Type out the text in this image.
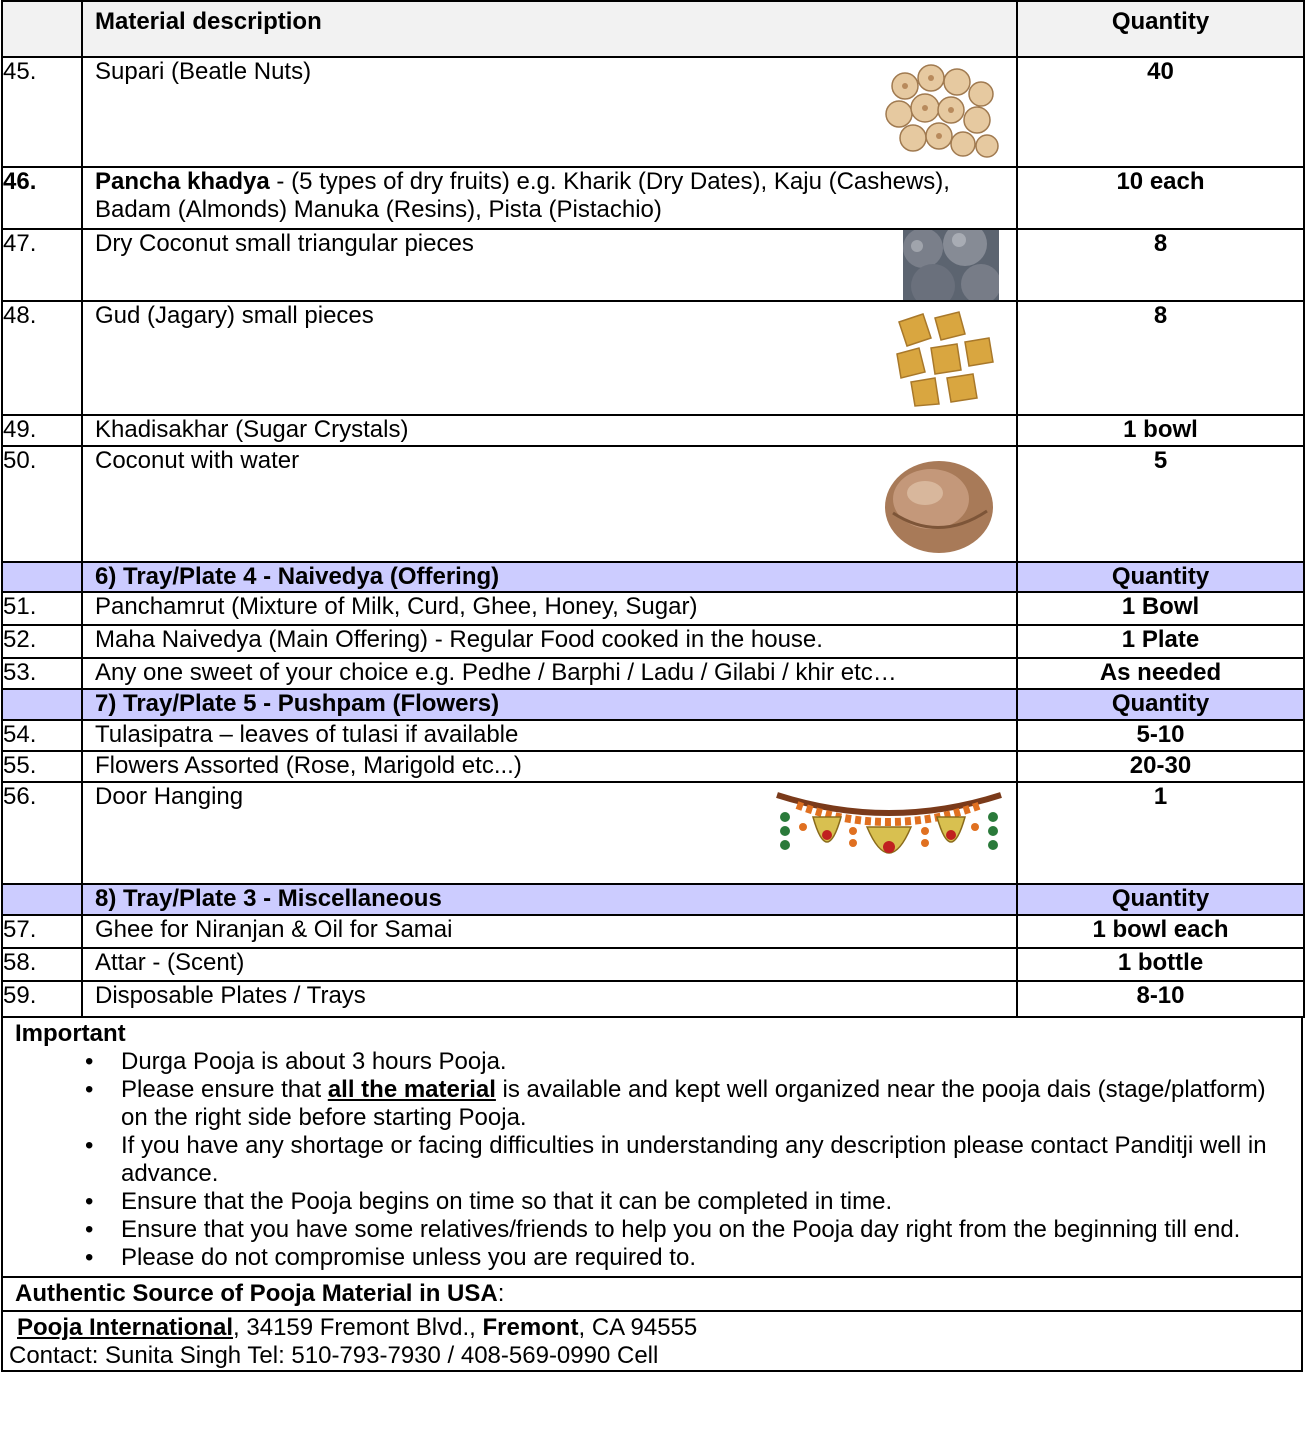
	Material description	Quantity
45.	Supari (Beatle Nuts)	40
46.	Pancha khadya - (5 types of dry fruits) e.g. Kharik (Dry Dates), Kaju (Cashews), Badam (Almonds) Manuka (Resins), Pista (Pistachio)	10 each
47.	Dry Coconut small triangular pieces	8
48.	Gud (Jagary) small pieces	8
49.	Khadisakhar (Sugar Crystals)	1 bowl
50.	Coconut with water	5
	6) Tray/Plate 4 - Naivedya (Offering)	Quantity
51.	Panchamrut (Mixture of Milk, Curd, Ghee, Honey, Sugar)	1 Bowl
52.	Maha Naivedya (Main Offering) - Regular Food cooked in the house.	1 Plate
53.	Any one sweet of your choice e.g. Pedhe / Barphi / Ladu / Gilabi / khir etc…	As needed
	7) Tray/Plate 5 - Pushpam (Flowers)	Quantity
54.	Tulasipatra – leaves of tulasi if available	5-10
55.	Flowers Assorted (Rose, Marigold etc...)	20-30
56.	Door Hanging	1
	8) Tray/Plate 3 - Miscellaneous	Quantity
57.	Ghee for Niranjan & Oil for Samai	1 bowl each
58.	Attar - (Scent)	1 bottle
59.	Disposable Plates / Trays	8-10
Important
• Durga Pooja is about 3 hours Pooja.
• Please ensure that all the material is available and kept well organized near the pooja dais (stage/platform) on the right side before starting Pooja.
• If you have any shortage or facing difficulties in understanding any description please contact Panditji well in advance.
• Ensure that the Pooja begins on time so that it can be completed in time.
• Ensure that you have some relatives/friends to help you on the Pooja day right from the beginning till end.
• Please do not compromise unless you are required to.
Authentic Source of Pooja Material in USA:
Pooja International, 34159 Fremont Blvd., Fremont, CA 94555
Contact: Sunita Singh Tel: 510-793-7930 / 408-569-0990 Cell
